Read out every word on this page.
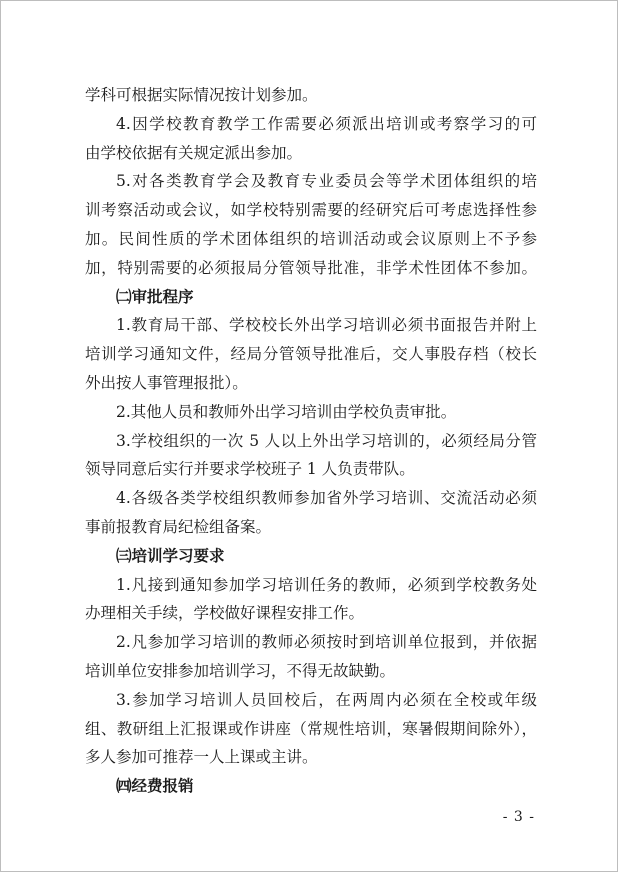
学科可根据实际情况按计划参加。
4.因学校教育教学工作需要必须派出培训或考察学习的可
由学校依据有关规定派出参加。
5.对各类教育学会及教育专业委员会等学术团体组织的培
训考察活动或会议，如学校特别需要的经研究后可考虑选择性参
加。民间性质的学术团体组织的培训活动或会议原则上不予参
加，特别需要的必须报局分管领导批准，非学术性团体不参加。
㈡审批程序
1.教育局干部、学校校长外出学习培训必须书面报告并附上
培训学习通知文件，经局分管领导批准后，交人事股存档（校长
外出按人事管理报批）。
2.其他人员和教师外出学习培训由学校负责审批。
3.学校组织的一次 5 人以上外出学习培训的，必须经局分管
领导同意后实行并要求学校班子 1 人负责带队。
4.各级各类学校组织教师参加省外学习培训、交流活动必须
事前报教育局纪检组备案。
㈢培训学习要求
1.凡接到通知参加学习培训任务的教师，必须到学校教务处
办理相关手续，学校做好课程安排工作。
2.凡参加学习培训的教师必须按时到培训单位报到，并依据
培训单位安排参加培训学习，不得无故缺勤。
3.参加学习培训人员回校后，在两周内必须在全校或年级
组、教研组上汇报课或作讲座（常规性培训，寒暑假期间除外），
多人参加可推荐一人上课或主讲。
㈣经费报销
- 3 -
